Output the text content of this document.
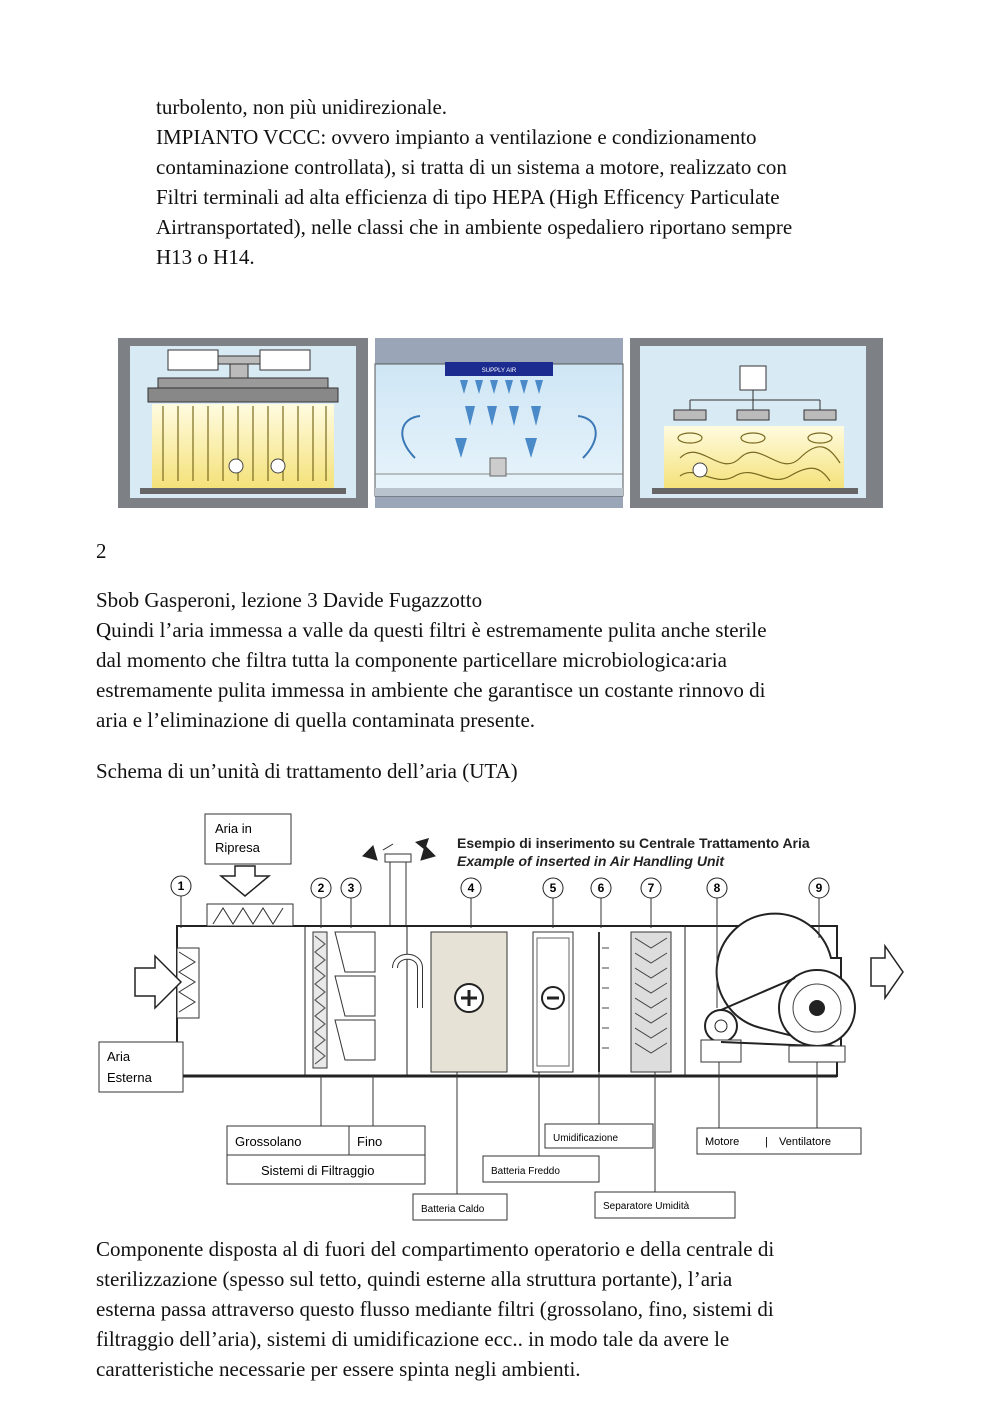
turbolento, non più unidirezionale.
IMPIANTO VCCC: ovvero impianto a ventilazione e condizionamento
contaminazione controllata), si tratta di un sistema a motore, realizzato con
Filtri terminali ad alta efficienza di tipo HEPA (High Efficency Particulate
Airtransportated), nelle classi che in ambiente ospedaliero riportano sempre
H13 o H14.
SUPPLY AIR
2
Sbob Gasperoni, lezione 3 Davide Fugazzotto
Quindi l’aria immessa a valle da questi filtri è estremamente pulita anche sterile
dal momento che filtra tutta la componente particellare microbiologica:aria
estremamente pulita immessa in ambiente che garantisce un costante rinnovo di
aria e l’eliminazione di quella contaminata presente.
Schema di un’unità di trattamento dell’aria (UTA)
Esempio di inserimento su Centrale Trattamento Aria
Example of inserted in Air Handling Unit
Aria in
Ripresa
Aria
Esterna
1	2 3	4	5	6	7	8	9
Grossolano	Fino
Sistemi di Filtraggio
Batteria Caldo
Batteria Freddo
Umidificazione
Separatore Umidità
Motore | Ventilatore
Componente disposta al di fuori del compartimento operatorio e della centrale di
sterilizzazione (spesso sul tetto, quindi esterne alla struttura portante), l’aria
esterna passa attraverso questo flusso mediante filtri (grossolano, fino, sistemi di
filtraggio dell’aria), sistemi di umidificazione ecc.. in modo tale da avere le
caratteristiche necessarie per essere spinta negli ambienti.
